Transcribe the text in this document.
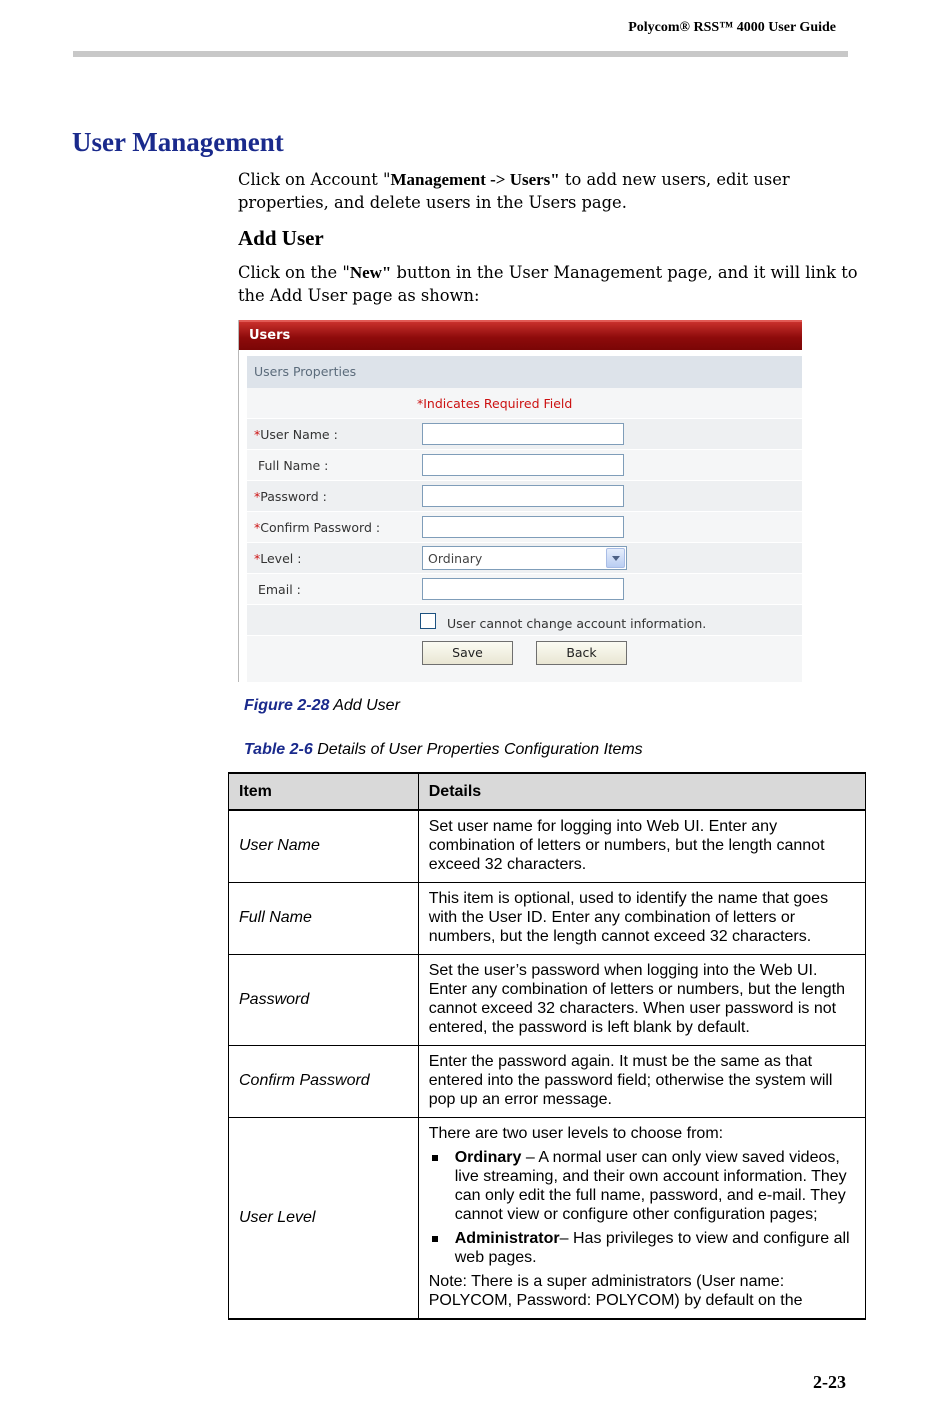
Polycom® RSS™ 4000 User Guide
User Management

Click on Account "Management -> Users" to add new users, edit user properties, and delete users in the Users page.

Add User

Click on the "New" button in the User Management page, and it will link to the Add User page as shown:

Users
Users Properties
*Indicates Required Field
*User Name :
Full Name :
*Password :
*Confirm Password :
*Level :	Ordinary
Email :
User cannot change account information.
Save	Back

Figure 2-28 Add User

Table 2-6 Details of User Properties Configuration Items

Item	Details
User Name	Set user name for logging into Web UI. Enter any combination of letters or numbers, but the length cannot exceed 32 characters.
Full Name	This item is optional, used to identify the name that goes with the User ID. Enter any combination of letters or numbers, but the length cannot exceed 32 characters.
Password	Set the user’s password when logging into the Web UI. Enter any combination of letters or numbers, but the length cannot exceed 32 characters. When user password is not entered, the password is left blank by default.
Confirm Password	Enter the password again. It must be the same as that entered into the password field; otherwise the system will pop up an error message.
User Level	There are two user levels to choose from:

Ordinary – A normal user can only view saved videos, live streaming, and their own account information. They can only edit the full name, password, and e-mail. They cannot view or configure other configuration pages;

Administrator– Has privileges to view and configure all web pages.

Note: There is a super administrators (User name: POLYCOM, Password: POLYCOM) by default on the

2-23
